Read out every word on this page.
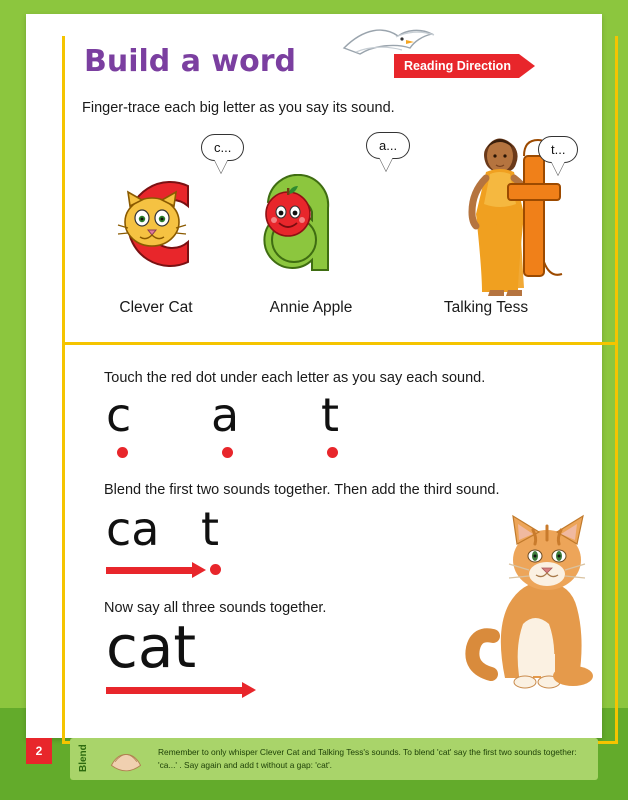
Build a word	Reading Direction
Finger-trace each big letter as you say its sound.
c...	a...	t...
Clever Cat	Annie Apple	Talking Tess
Touch the red dot under each letter as you say each sound.
c a t
Blend the first two sounds together. Then add the third sound.
ca t
Now say all three sounds together.
cat
2	Blend	Remember to only whisper Clever Cat and Talking Tess's sounds. To blend 'cat' say the first two sounds together: 'ca...' . Say again and add t without a gap: 'cat'.
